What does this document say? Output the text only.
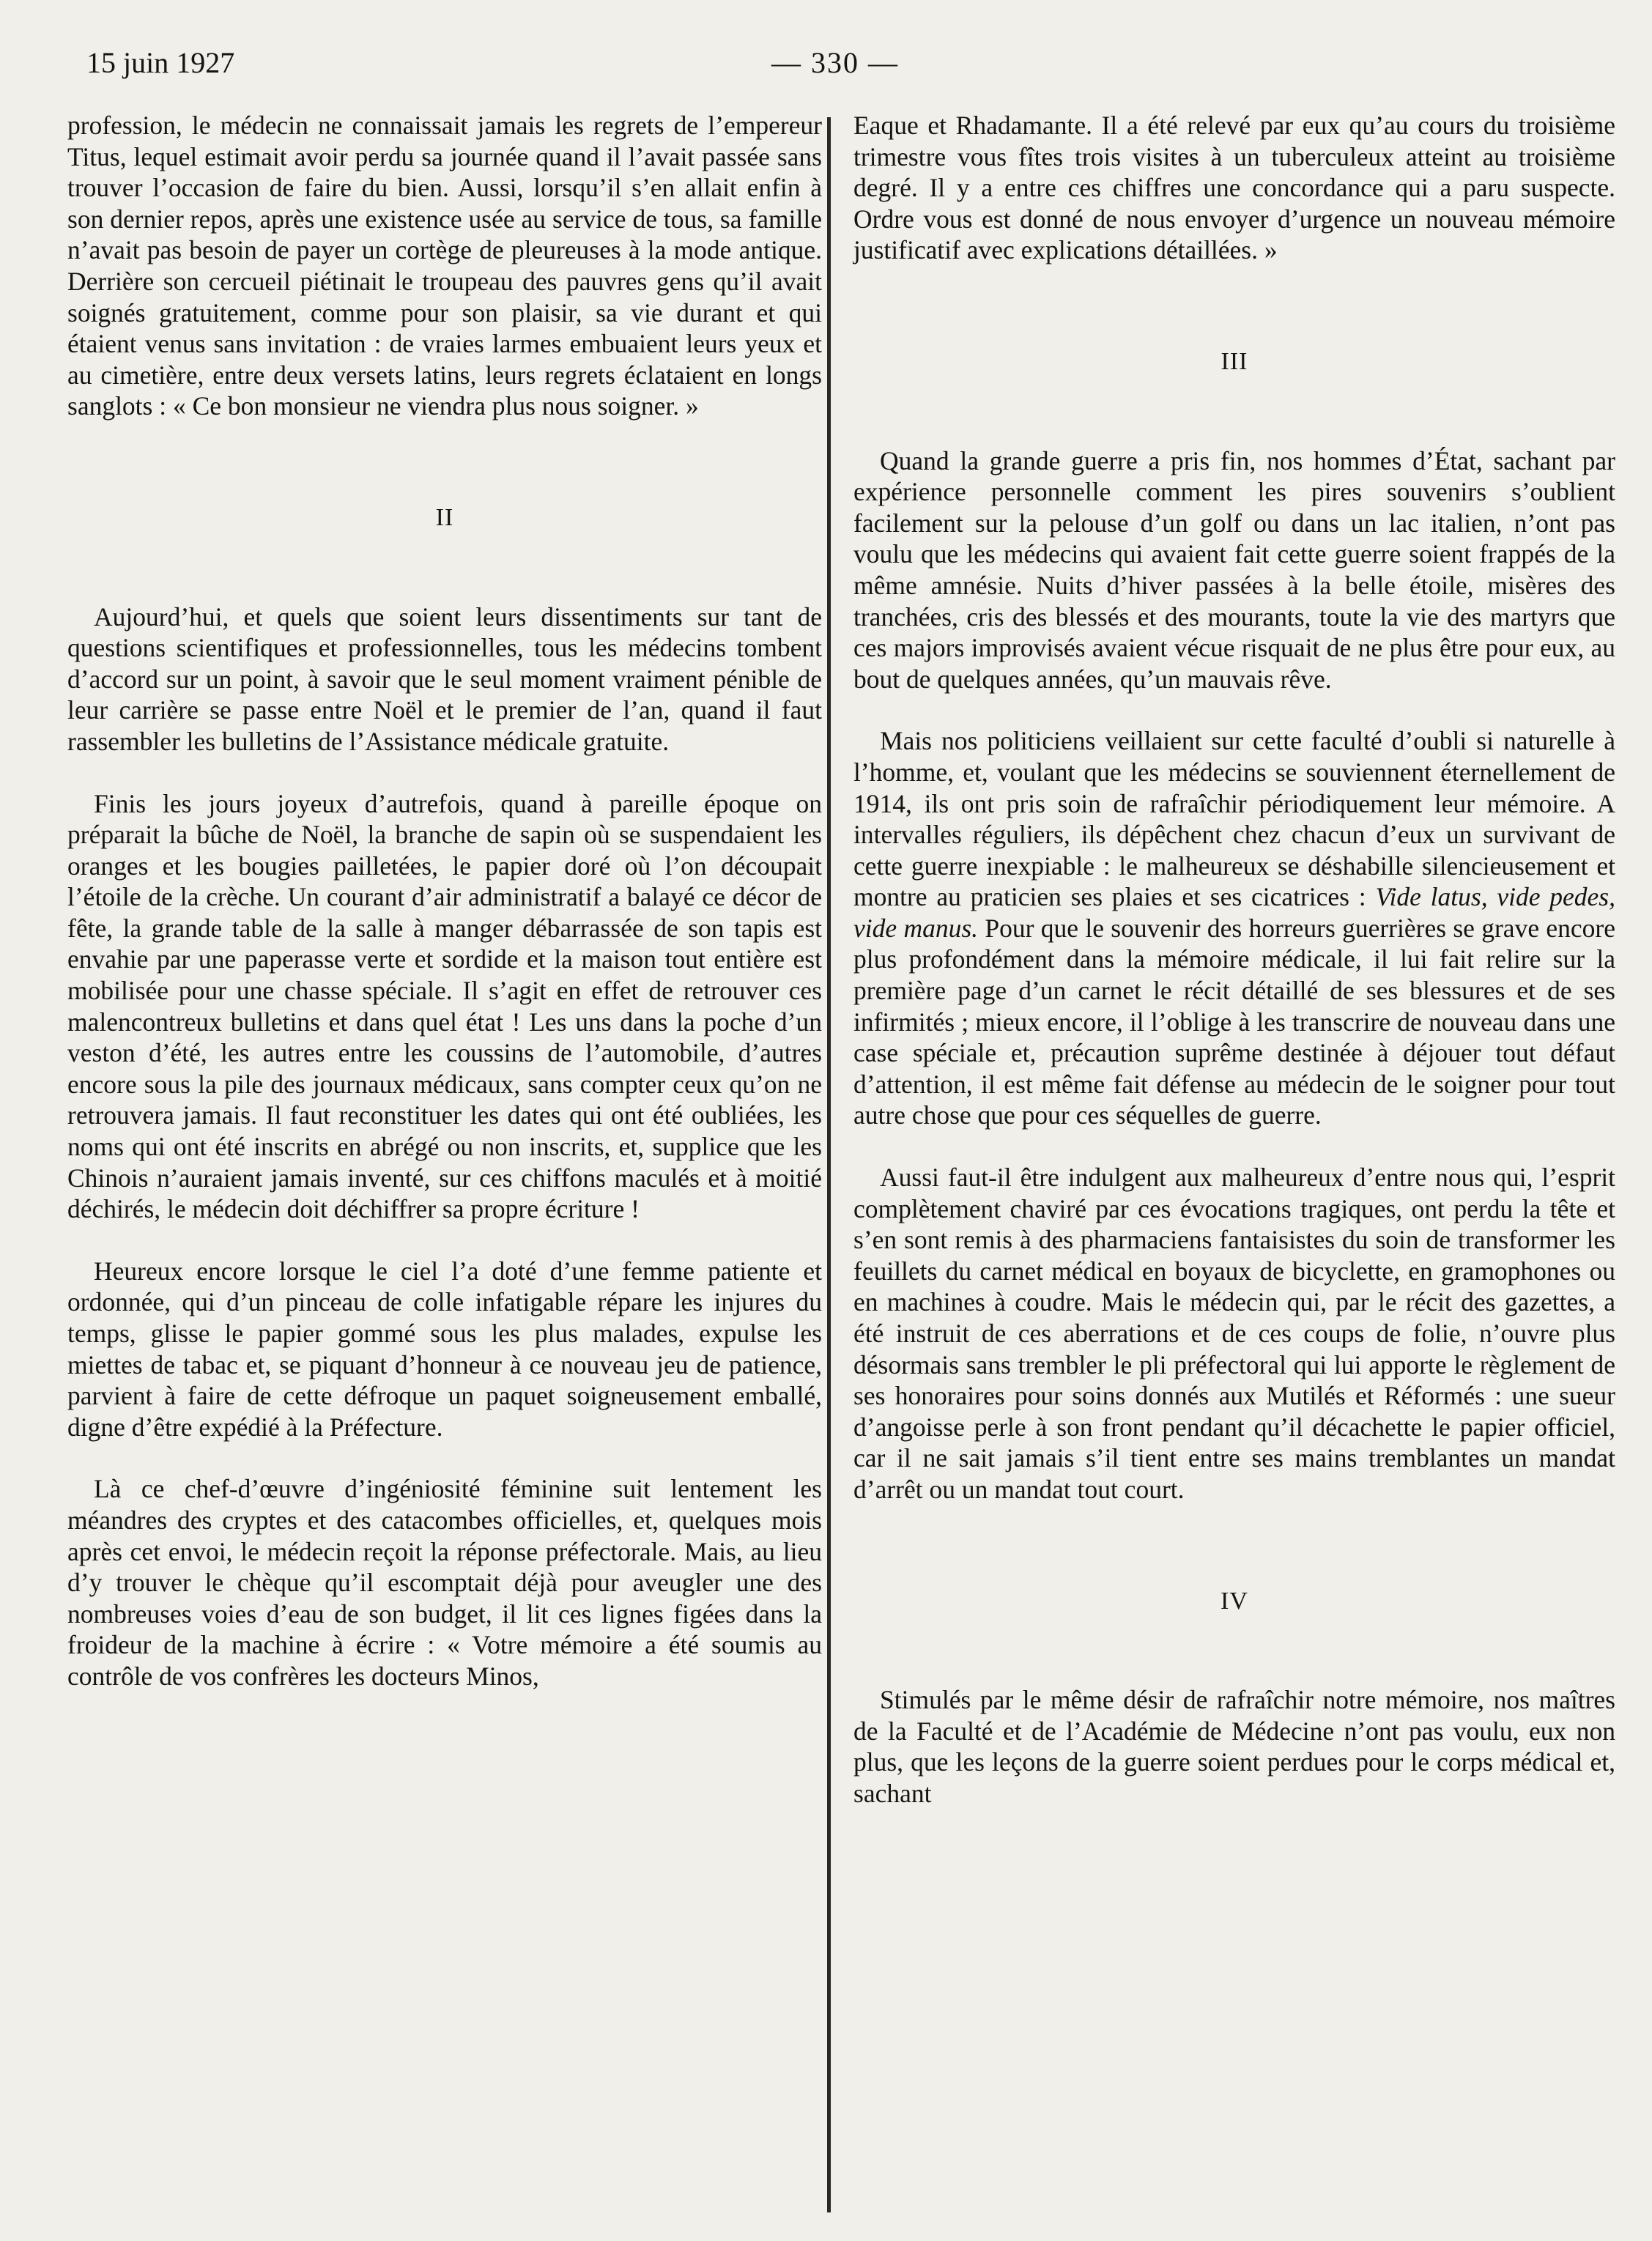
15 juin 1927	— 330 —

profession, le médecin ne connaissait jamais les regrets de l’empereur Titus, lequel estimait avoir perdu sa journée quand il l’avait passée sans trouver l’occasion de faire du bien. Aussi, lorsqu’il s’en allait enfin à son dernier repos, après une existence usée au service de tous, sa famille n’avait pas besoin de payer un cortège de pleureuses à la mode antique. Derrière son cercueil piétinait le troupeau des pauvres gens qu’il avait soignés gratuitement, comme pour son plaisir, sa vie durant et qui étaient venus sans invitation : de vraies larmes embuaient leurs yeux et au cimetière, entre deux versets latins, leurs regrets éclataient en longs sanglots : « Ce bon monsieur ne viendra plus nous soigner. »

II

Aujourd’hui, et quels que soient leurs dissentiments sur tant de questions scientifiques et professionnelles, tous les médecins tombent d’accord sur un point, à savoir que le seul moment vraiment pénible de leur carrière se passe entre Noël et le premier de l’an, quand il faut rassembler les bulletins de l’Assistance médicale gratuite.

Finis les jours joyeux d’autrefois, quand à pareille époque on préparait la bûche de Noël, la branche de sapin où se suspendaient les oranges et les bougies pailletées, le papier doré où l’on découpait l’étoile de la crèche. Un courant d’air administratif a balayé ce décor de fête, la grande table de la salle à manger débarrassée de son tapis est envahie par une paperasse verte et sordide et la maison tout entière est mobilisée pour une chasse spéciale. Il s’agit en effet de retrouver ces malencontreux bulletins et dans quel état ! Les uns dans la poche d’un veston d’été, les autres entre les coussins de l’automobile, d’autres encore sous la pile des journaux médicaux, sans compter ceux qu’on ne retrouvera jamais. Il faut reconstituer les dates qui ont été oubliées, les noms qui ont été inscrits en abrégé ou non inscrits, et, supplice que les Chinois n’auraient jamais inventé, sur ces chiffons maculés et à moitié déchirés, le médecin doit déchiffrer sa propre écriture !

Heureux encore lorsque le ciel l’a doté d’une femme patiente et ordonnée, qui d’un pinceau de colle infatigable répare les injures du temps, glisse le papier gommé sous les plus malades, expulse les miettes de tabac et, se piquant d’honneur à ce nouveau jeu de patience, parvient à faire de cette défroque un paquet soigneusement emballé, digne d’être expédié à la Préfecture.

Là ce chef-d’œuvre d’ingéniosité féminine suit lentement les méandres des cryptes et des catacombes officielles, et, quelques mois après cet envoi, le médecin reçoit la réponse préfectorale. Mais, au lieu d’y trouver le chèque qu’il escomptait déjà pour aveugler une des nombreuses voies d’eau de son budget, il lit ces lignes figées dans la froideur de la machine à écrire : « Votre mémoire a été soumis au contrôle de vos confrères les docteurs Minos,

Eaque et Rhadamante. Il a été relevé par eux qu’au cours du troisième trimestre vous fîtes trois visites à un tuberculeux atteint au troisième degré. Il y a entre ces chiffres une concordance qui a paru suspecte. Ordre vous est donné de nous envoyer d’urgence un nouveau mémoire justificatif avec explications détaillées. »

III

Quand la grande guerre a pris fin, nos hommes d’État, sachant par expérience personnelle comment les pires souvenirs s’oublient facilement sur la pelouse d’un golf ou dans un lac italien, n’ont pas voulu que les médecins qui avaient fait cette guerre soient frappés de la même amnésie. Nuits d’hiver passées à la belle étoile, misères des tranchées, cris des blessés et des mourants, toute la vie des martyrs que ces majors improvisés avaient vécue risquait de ne plus être pour eux, au bout de quelques années, qu’un mauvais rêve.

Mais nos politiciens veillaient sur cette faculté d’oubli si naturelle à l’homme, et, voulant que les médecins se souviennent éternellement de 1914, ils ont pris soin de rafraîchir périodiquement leur mémoire. A intervalles réguliers, ils dépêchent chez chacun d’eux un survivant de cette guerre inexpiable : le malheureux se déshabille silencieusement et montre au praticien ses plaies et ses cicatrices : Vide latus, vide pedes, vide manus. Pour que le souvenir des horreurs guerrières se grave encore plus profondément dans la mémoire médicale, il lui fait relire sur la première page d’un carnet le récit détaillé de ses blessures et de ses infirmités ; mieux encore, il l’oblige à les transcrire de nouveau dans une case spéciale et, précaution suprême destinée à déjouer tout défaut d’attention, il est même fait défense au médecin de le soigner pour tout autre chose que pour ces séquelles de guerre.

Aussi faut-il être indulgent aux malheureux d’entre nous qui, l’esprit complètement chaviré par ces évocations tragiques, ont perdu la tête et s’en sont remis à des pharmaciens fantaisistes du soin de transformer les feuillets du carnet médical en boyaux de bicyclette, en gramophones ou en machines à coudre. Mais le médecin qui, par le récit des gazettes, a été instruit de ces aberrations et de ces coups de folie, n’ouvre plus désormais sans trembler le pli préfectoral qui lui apporte le règlement de ses honoraires pour soins donnés aux Mutilés et Réformés : une sueur d’angoisse perle à son front pendant qu’il décachette le papier officiel, car il ne sait jamais s’il tient entre ses mains tremblantes un mandat d’arrêt ou un mandat tout court.

IV

Stimulés par le même désir de rafraîchir notre mémoire, nos maîtres de la Faculté et de l’Académie de Médecine n’ont pas voulu, eux non plus, que les leçons de la guerre soient perdues pour le corps médical et, sachant
